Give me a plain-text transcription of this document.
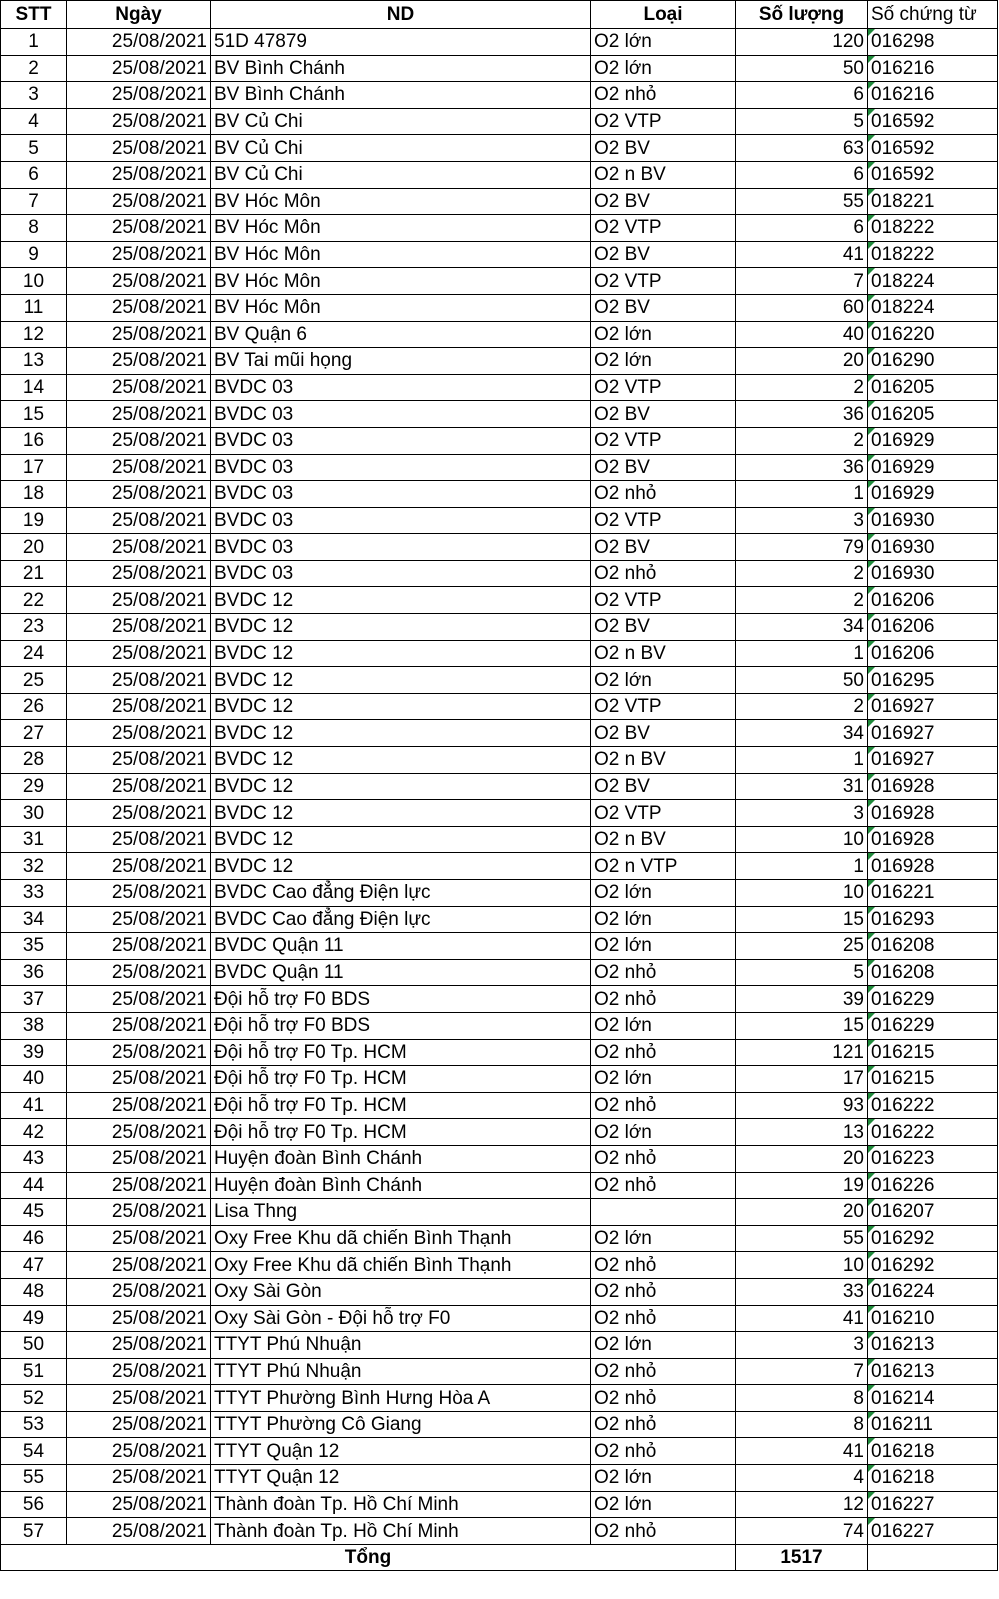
STT	Ngày	ND	Loại	Số lượng	Số chứng từ
1	25/08/2021	51D 47879	O2 lớn	120	016298
2	25/08/2021	BV Bình Chánh	O2 lớn	50	016216
3	25/08/2021	BV Bình Chánh	O2 nhỏ	6	016216
4	25/08/2021	BV Củ Chi	O2 VTP	5	016592
5	25/08/2021	BV Củ Chi	O2 BV	63	016592
6	25/08/2021	BV Củ Chi	O2 n BV	6	016592
7	25/08/2021	BV Hóc Môn	O2 BV	55	018221
8	25/08/2021	BV Hóc Môn	O2 VTP	6	018222
9	25/08/2021	BV Hóc Môn	O2 BV	41	018222
10	25/08/2021	BV Hóc Môn	O2 VTP	7	018224
11	25/08/2021	BV Hóc Môn	O2 BV	60	018224
12	25/08/2021	BV Quận 6	O2 lớn	40	016220
13	25/08/2021	BV Tai mũi họng	O2 lớn	20	016290
14	25/08/2021	BVDC 03	O2 VTP	2	016205
15	25/08/2021	BVDC 03	O2 BV	36	016205
16	25/08/2021	BVDC 03	O2 VTP	2	016929
17	25/08/2021	BVDC 03	O2 BV	36	016929
18	25/08/2021	BVDC 03	O2 nhỏ	1	016929
19	25/08/2021	BVDC 03	O2 VTP	3	016930
20	25/08/2021	BVDC 03	O2 BV	79	016930
21	25/08/2021	BVDC 03	O2 nhỏ	2	016930
22	25/08/2021	BVDC 12	O2 VTP	2	016206
23	25/08/2021	BVDC 12	O2 BV	34	016206
24	25/08/2021	BVDC 12	O2 n BV	1	016206
25	25/08/2021	BVDC 12	O2 lớn	50	016295
26	25/08/2021	BVDC 12	O2 VTP	2	016927
27	25/08/2021	BVDC 12	O2 BV	34	016927
28	25/08/2021	BVDC 12	O2 n BV	1	016927
29	25/08/2021	BVDC 12	O2 BV	31	016928
30	25/08/2021	BVDC 12	O2 VTP	3	016928
31	25/08/2021	BVDC 12	O2 n BV	10	016928
32	25/08/2021	BVDC 12	O2 n VTP	1	016928
33	25/08/2021	BVDC Cao đẳng Điện lực	O2 lớn	10	016221
34	25/08/2021	BVDC Cao đẳng Điện lực	O2 lớn	15	016293
35	25/08/2021	BVDC Quận 11	O2 lớn	25	016208
36	25/08/2021	BVDC Quận 11	O2 nhỏ	5	016208
37	25/08/2021	Đội hỗ trợ F0 BDS	O2 nhỏ	39	016229
38	25/08/2021	Đội hỗ trợ F0 BDS	O2 lớn	15	016229
39	25/08/2021	Đội hỗ trợ F0 Tp. HCM	O2 nhỏ	121	016215
40	25/08/2021	Đội hỗ trợ F0 Tp. HCM	O2 lớn	17	016215
41	25/08/2021	Đội hỗ trợ F0 Tp. HCM	O2 nhỏ	93	016222
42	25/08/2021	Đội hỗ trợ F0 Tp. HCM	O2 lớn	13	016222
43	25/08/2021	Huyện đoàn Bình Chánh	O2 nhỏ	20	016223
44	25/08/2021	Huyện đoàn Bình Chánh	O2 nhỏ	19	016226
45	25/08/2021	Lisa Thng		20	016207
46	25/08/2021	Oxy Free Khu dã chiến Bình Thạnh	O2 lớn	55	016292
47	25/08/2021	Oxy Free Khu dã chiến Bình Thạnh	O2 nhỏ	10	016292
48	25/08/2021	Oxy Sài Gòn	O2 nhỏ	33	016224
49	25/08/2021	Oxy Sài Gòn - Đội hỗ trợ F0	O2 nhỏ	41	016210
50	25/08/2021	TTYT Phú Nhuận	O2 lớn	3	016213
51	25/08/2021	TTYT Phú Nhuận	O2 nhỏ	7	016213
52	25/08/2021	TTYT Phường Bình Hưng Hòa A	O2 nhỏ	8	016214
53	25/08/2021	TTYT Phường Cô Giang	O2 nhỏ	8	016211
54	25/08/2021	TTYT Quận 12	O2 nhỏ	41	016218
55	25/08/2021	TTYT Quận 12	O2 lớn	4	016218
56	25/08/2021	Thành đoàn Tp. Hồ Chí Minh	O2 lớn	12	016227
57	25/08/2021	Thành đoàn Tp. Hồ Chí Minh	O2 nhỏ	74	016227
Tổng				1517	
